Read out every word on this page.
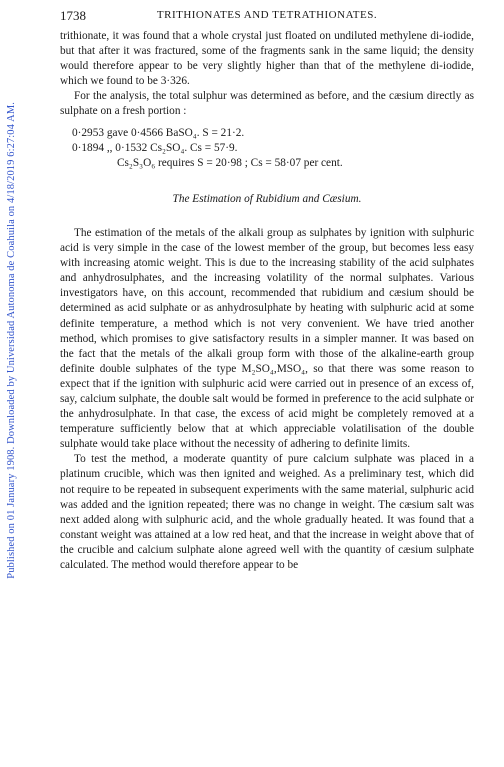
Published on 01 January 1908. Downloaded by Universidad Autonoma de Coahuila on 4/18/2019 6:27:04 AM.
1738	TRITHIONATES AND TETRATHIONATES.

trithionate, it was found that a whole crystal just floated on undiluted methylene di-iodide, but that after it was fractured, some of the fragments sank in the same liquid; the density would therefore appear to be very slightly higher than that of the methylene di-iodide, which we found to be 3·326.

For the analysis, the total sulphur was determined as before, and the cæsium directly as sulphate on a fresh portion :

0·2953 gave 0·4566 BaSO₄. S = 21·2.
0·1894 ,, 0·1532 Cs₂SO₄. Cs = 57·9.
Cs₂S₃O₆ requires S = 20·98 ; Cs = 58·07 per cent.
The Estimation of Rubidium and Cæsium.

The estimation of the metals of the alkali group as sulphates by ignition with sulphuric acid is very simple in the case of the lowest member of the group, but becomes less easy with increasing atomic weight. This is due to the increasing stability of the acid sulphates and anhydrosulphates, and the increasing volatility of the normal sulphates. Various investigators have, on this account, recommended that rubidium and cæsium should be determined as acid sulphate or as anhydrosulphate by heating with sulphuric acid at some definite temperature, a method which is not very convenient. We have tried another method, which promises to give satisfactory results in a simpler manner. It was based on the fact that the metals of the alkali group form with those of the alkaline-earth group definite double sulphates of the type M₂SO₄,MSO₄, so that there was some reason to expect that if the ignition with sulphuric acid were carried out in presence of an excess of, say, calcium sulphate, the double salt would be formed in preference to the acid sulphate or the anhydrosulphate. In that case, the excess of acid might be completely removed at a temperature sufficiently below that at which appreciable volatilisation of the double sulphate would take place without the necessity of adhering to definite limits.

To test the method, a moderate quantity of pure calcium sulphate was placed in a platinum crucible, which was then ignited and weighed. As a preliminary test, which did not require to be repeated in subsequent experiments with the same material, sulphuric acid was added and the ignition repeated; there was no change in weight. The cæsium salt was next added along with sulphuric acid, and the whole gradually heated. It was found that a constant weight was attained at a low red heat, and that the increase in weight above that of the crucible and calcium sulphate alone agreed well with the quantity of cæsium sulphate calculated. The method would therefore appear to be
